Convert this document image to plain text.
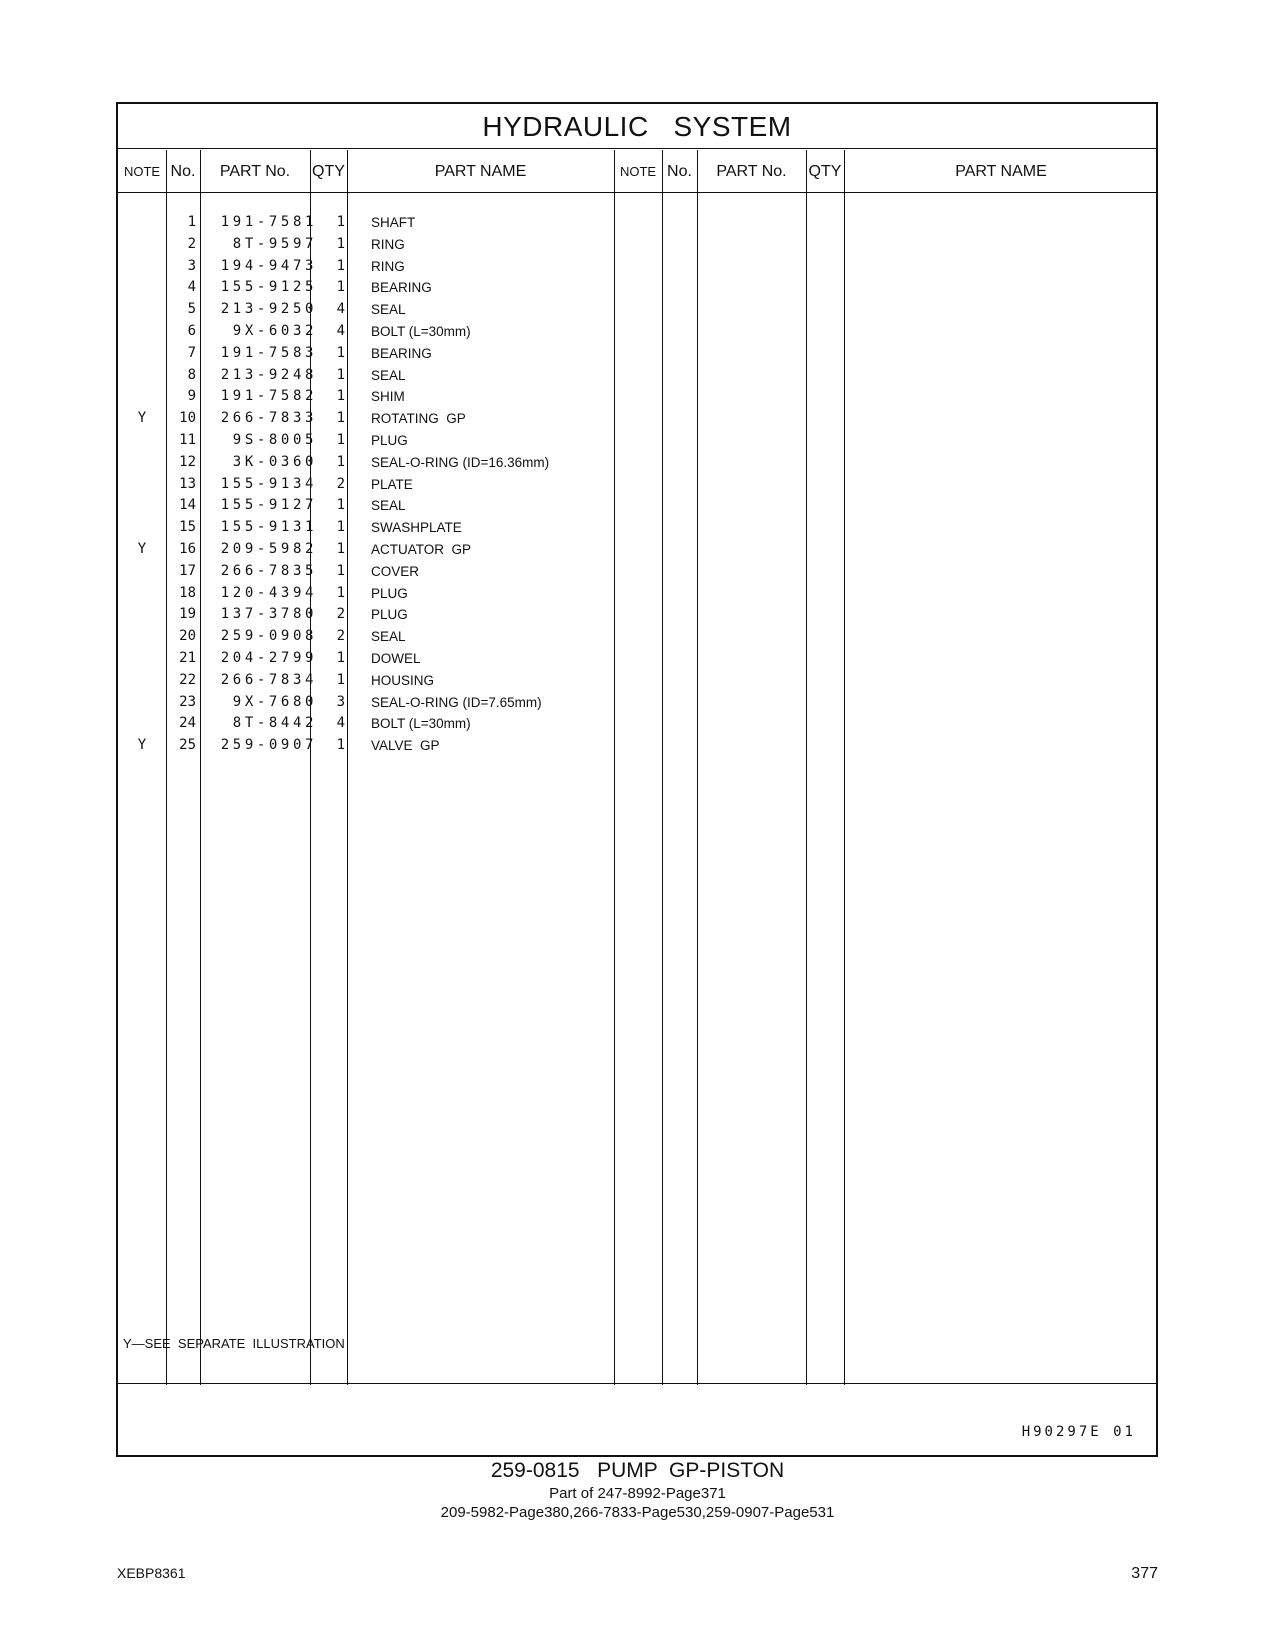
HYDRAULIC   SYSTEM
NOTE No.	PART No.	QTY	PART NAME	NOTE No.	PART No.	QTY	PART NAME
1	191-7581	1 SHAFT
2	8T-9597	1 RING
3	194-9473	1 RING
4	155-9125	1 BEARING
5	213-9250	4 SEAL
6	9X-6032	4 BOLT (L=30mm)
7	191-7583	1 BEARING
8	213-9248	1 SEAL
9	191-7582	1 SHIM
Y	10	266-7833	1 ROTATING  GP
11	9S-8005	1 PLUG
12	3K-0360	1 SEAL-O-RING (ID=16.36mm)
13	155-9134	2 PLATE
14	155-9127	1 SEAL
15	155-9131	1 SWASHPLATE
Y	16	209-5982	1 ACTUATOR  GP
17	266-7835	1 COVER
18	120-4394	1 PLUG
19	137-3780	2 PLUG
20	259-0908	2 SEAL
21	204-2799	1 DOWEL
22	266-7834	1 HOUSING
23	9X-7680	3 SEAL-O-RING (ID=7.65mm)
24	8T-8442	4 BOLT (L=30mm)
Y	25	259-0907	1 VALVE  GP
Y—SEE  SEPARATE  ILLUSTRATION
H90297E 01
259-0815   PUMP  GP-PISTON
Part of 247-8992-Page371
209-5982-Page380,266-7833-Page530,259-0907-Page531
XEBP8361	377
